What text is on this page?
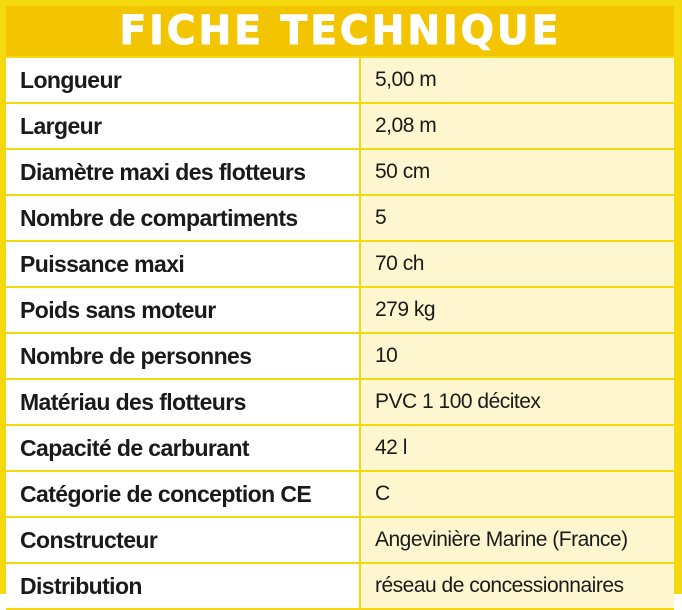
FICHE TECHNIQUE
Longueur	5,00 m
Largeur	2,08 m
Diamètre maxi des flotteurs	50 cm
Nombre de compartiments	5
Puissance maxi	70 ch
Poids sans moteur	279 kg
Nombre de personnes	10
Matériau des flotteurs	PVC 1 100 décitex
Capacité de carburant	42 l
Catégorie de conception CE	C
Constructeur	Angevinière Marine (France)
Distribution	réseau de concessionnaires
